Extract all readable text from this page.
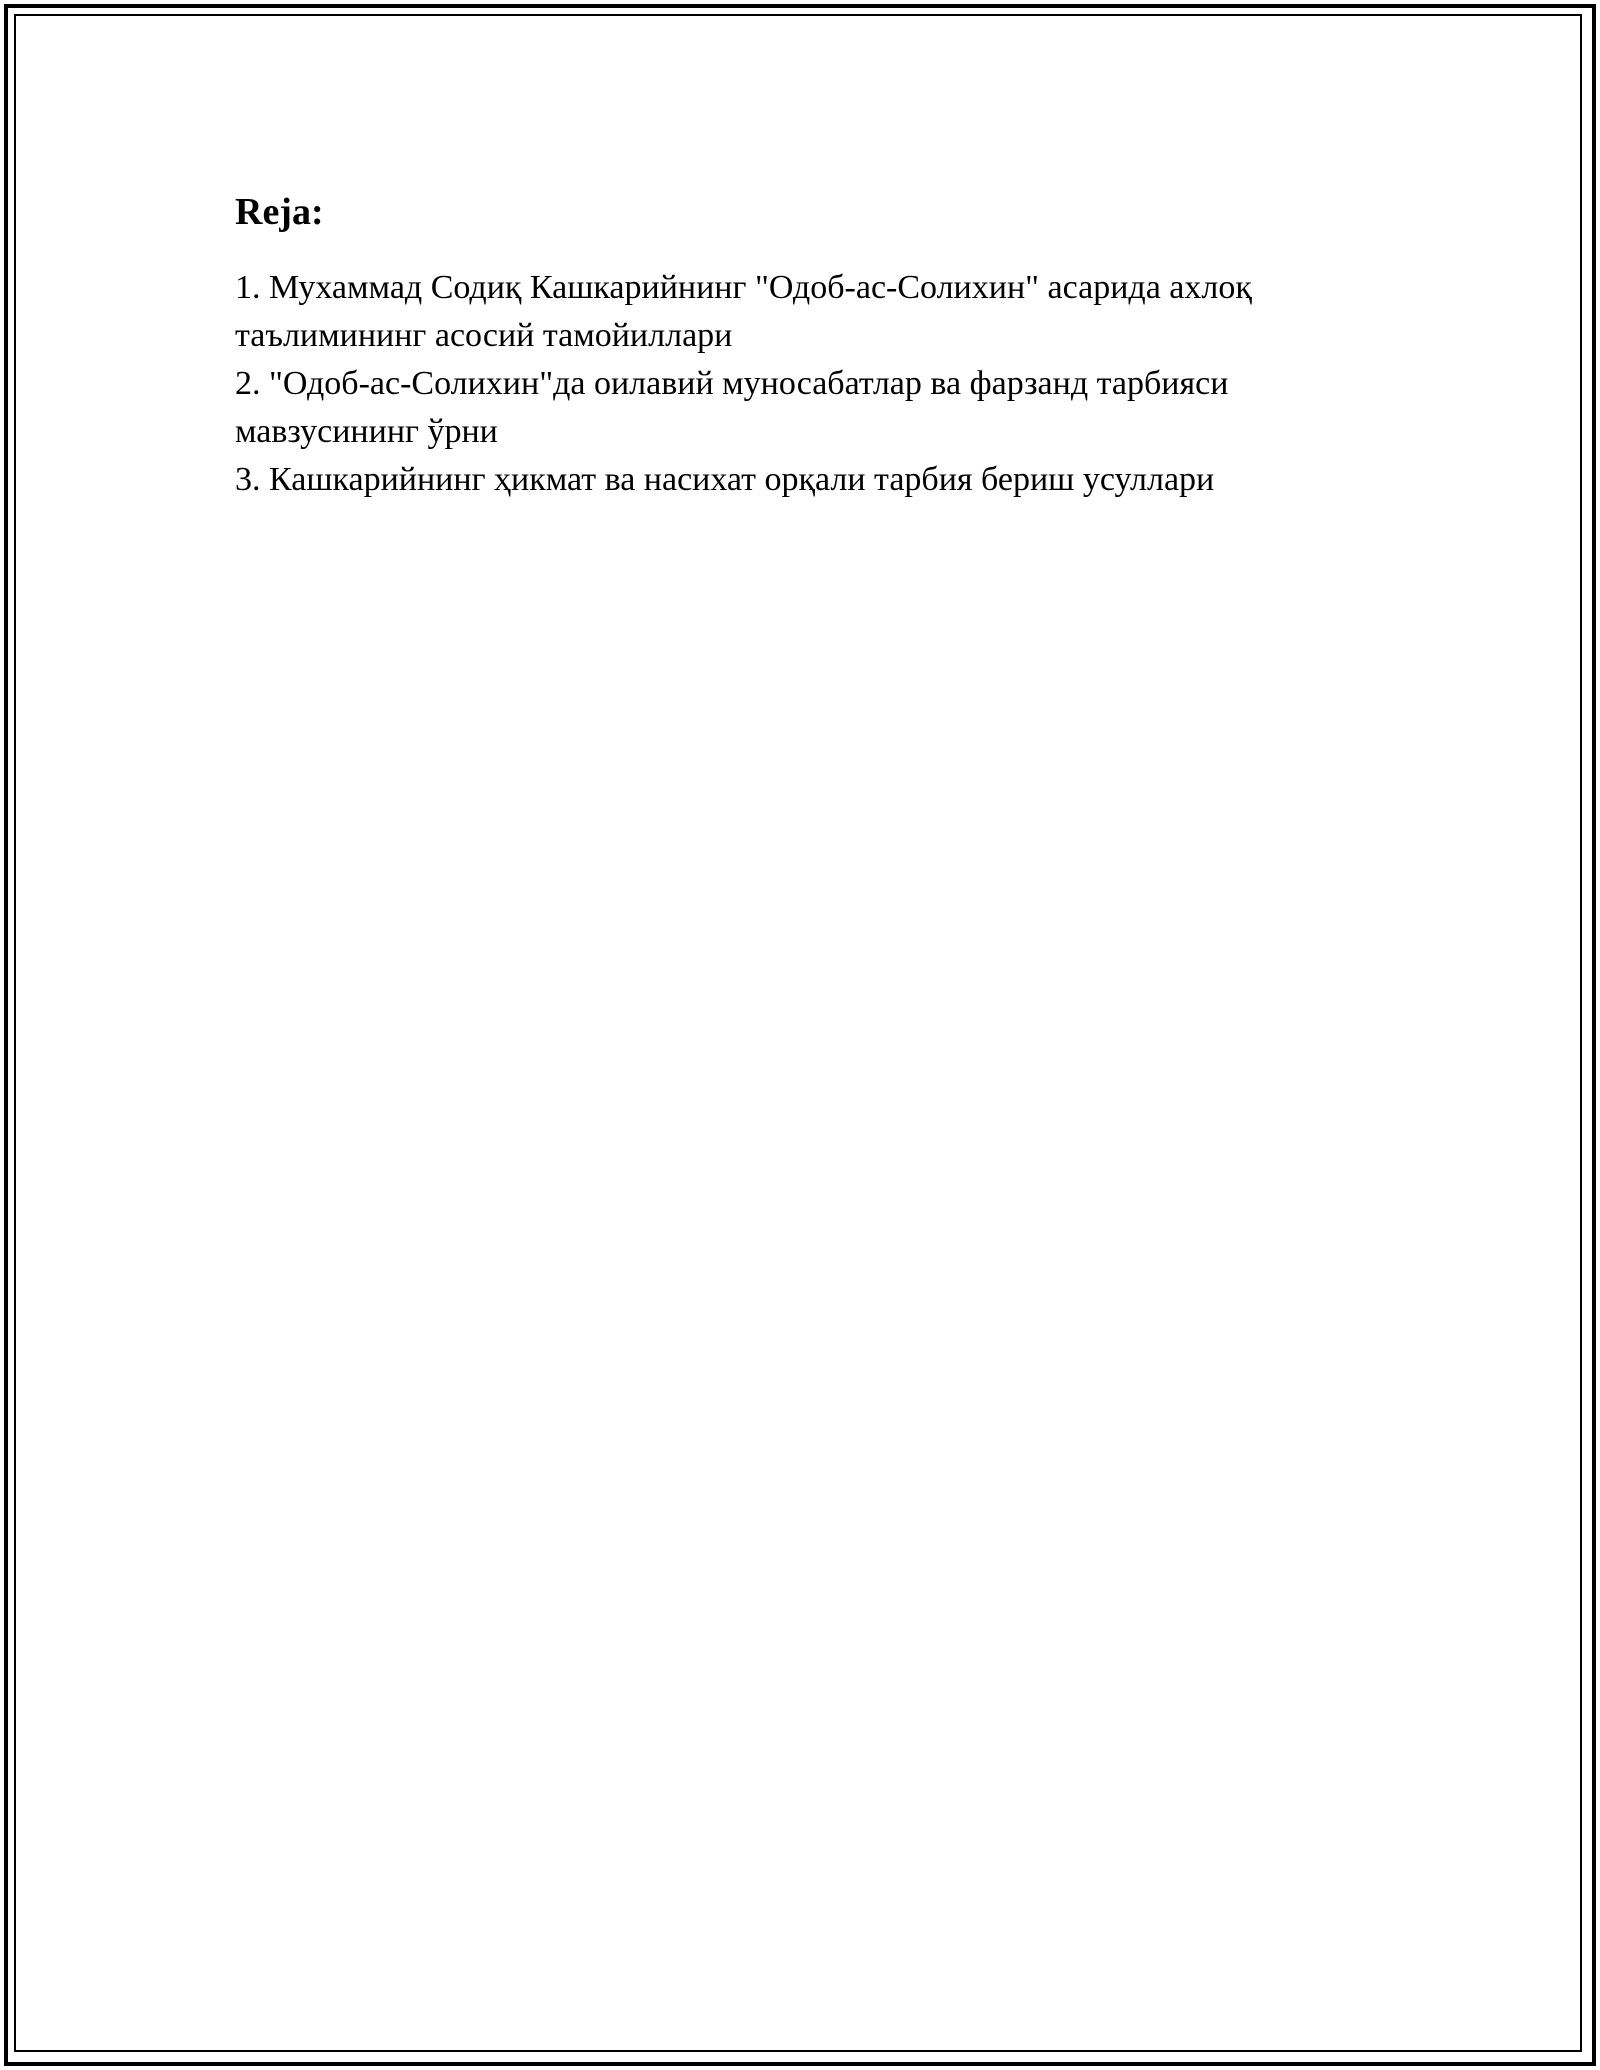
Reja:
1. Мухаммад Содиқ Кашкарийнинг "Одоб-ас-Солихин" асарида ахлоқ таълимининг асосий тамойиллари
2. "Одоб-ас-Солихин"да оилавий муносабатлар ва фарзанд тарбияси мавзусининг ўрни
3. Кашкарийнинг ҳикмат ва насихат орқали тарбия бериш усуллари
